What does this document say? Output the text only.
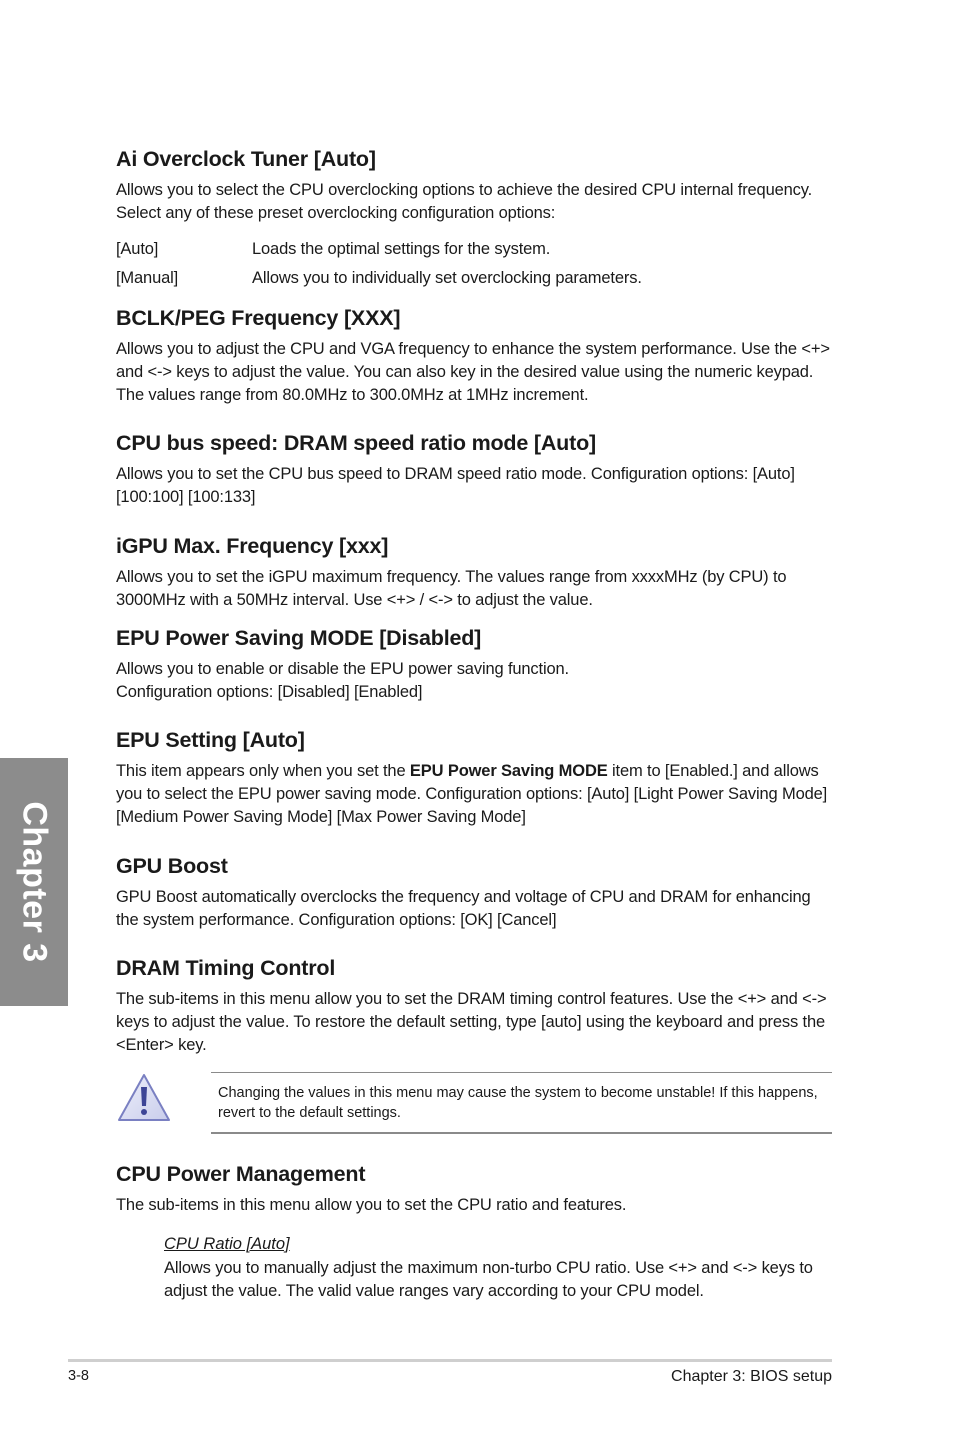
Chapter 3
Ai Overclock Tuner [Auto]

Allows you to select the CPU overclocking options to achieve the desired CPU internal frequency. Select any of these preset overclocking configuration options:

[Auto]	Loads the optimal settings for the system.
[Manual]	Allows you to individually set overclocking parameters.
BCLK/PEG Frequency [XXX]

Allows you to adjust the CPU and VGA frequency to enhance the system performance. Use the <+> and <-> keys to adjust the value. You can also key in the desired value using the numeric keypad. The values range from 80.0MHz to 300.0MHz at 1MHz increment.

CPU bus speed: DRAM speed ratio mode [Auto]

Allows you to set the CPU bus speed to DRAM speed ratio mode. Configuration options: [Auto] [100:100] [100:133]

iGPU Max. Frequency [xxx]

Allows you to set the iGPU maximum frequency. The values range from xxxxMHz (by CPU) to 3000MHz with a 50MHz interval. Use <+> / <-> to adjust the value.

EPU Power Saving MODE [Disabled]

Allows you to enable or disable the EPU power saving function.

Configuration options: [Disabled] [Enabled]

EPU Setting [Auto]

This item appears only when you set the EPU Power Saving MODE item to [Enabled.] and allows you to select the EPU power saving mode. Configuration options: [Auto] [Light Power Saving Mode] [Medium Power Saving Mode] [Max Power Saving Mode]

GPU Boost

GPU Boost automatically overclocks the frequency and voltage of CPU and DRAM for enhancing the system performance. Configuration options: [OK] [Cancel]

DRAM Timing Control

The sub-items in this menu allow you to set the DRAM timing control features. Use the <+> and <-> keys to adjust the value. To restore the default setting, type [auto] using the keyboard and press the <Enter> key.

Changing the values in this menu may cause the system to become unstable! If this happens, revert to the default settings.
CPU Power Management

The sub-items in this menu allow you to set the CPU ratio and features.

CPU Ratio [Auto]

Allows you to manually adjust the maximum non-turbo CPU ratio. Use <+> and <-> keys to adjust the value. The valid value ranges vary according to your CPU model.

3-8	Chapter 3: BIOS setup
